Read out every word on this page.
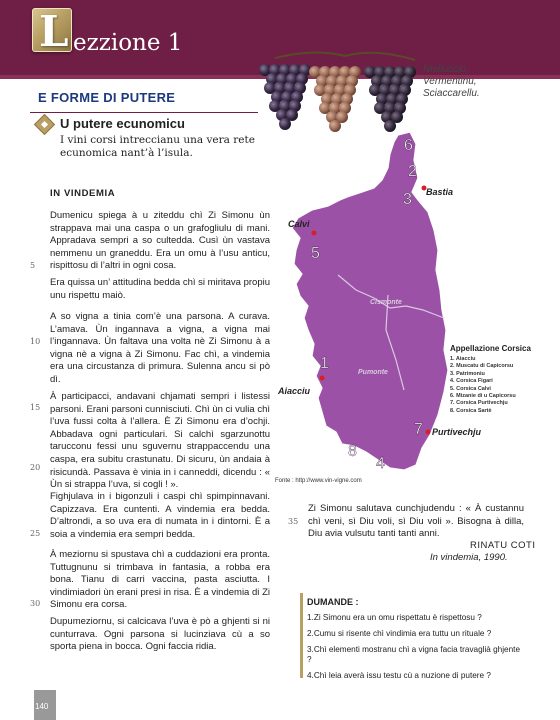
L ezzione 1
Niellucciu,
Vermentinu,
Sciaccarellu.
E FORME DI PUTERE
U putere ecunomicu
I vini corsi intreccianu una vera rete ecunomica nant’à l’isula.
IN VINDEMIA
Dumenicu spiega à u ziteddu chì Zi Simonu ùn strappava mai una caspa o un grafogliulu di mani. Appradava sempri a so cultedda. Cusì ùn vastava nemmenu un graneddu. Era un omu à l’usu anticu, rispittosu di l’altri in ogni cosa.
Era quissa un’ attitudina bedda chì si miritava propiu unu rispettu maiò.
A so vigna a tinia com’è una parsona. A curava. L’amava. Ùn ingannava a vigna, a vigna mai l’ingannava. Ùn faltava una volta nè Zi Simonu à a vigna nè a vigna à Zi Simonu. Fac chì, a vindemia era una circustanza di primura. Sulenna ancu si pò dì.
À participacci, andavani chjamati sempri i listessi parsoni. Erani parsoni cunnisciuti. Chì ùn ci vulia chì l’uva fussi colta à l’allera. È Zi Simonu era d’ochji. Abbadava ogni particulari. Si calchì sgarzunottu tarucconu fessi unu sguvernu strappaccendu una caspa, era subitu crastunatu. Di sicuru, ùn andaia à risicundà. Passava è vinia in i canneddi, dicendu : « Ùn si strappa l’uva, si cogli ! ».
Fighjulava in i bigonzuli i caspi chì spimpinnavani. Capizzava. Era cuntenti. A vindemia era bedda. D’altrondi, a so uva era di numata in i dintorni. È a soia a vindemia era sempri bedda.
À meziornu si spustava chì a cuddazioni era pronta. Tuttugnunu si trimbava in fantasia, a robba era bona. Tianu di carri vaccina, pasta asciutta. I vindimiadori ùn erani presi in risa. È a vindemia di Zi Simonu era corsa.
Dupumeziornu, si calcicava l’uva è pò a ghjenti si ni cunturrava. Ogni parsona si lucinziava cù a so sporta piena in bocca. Ogni faccia ridia.
5
10
15
20
25
30
35
6
2
3
5
1
7
8
4
Cismonte
Pumonte
Bastia
Calvi
Aiacciu
Purtivechju
Fonte : http://www.vin-vigne.com
Appellazione Corsica
1. Aiacciu
2. Muscatu di Capicorsu
3. Patrimoniu
4. Corsica Figari
5. Corsica Calvi
6. Mizanie di u Capicorsu
7. Corsica Purtivechju
8. Corsica Sartè
Zi Simonu salutava cunchjudendu : « À custannu chì veni, sì Diu voli, sì Diu voli ». Bisogna à dilla, Diu avia vulsutu tanti tanti anni.
RINATU COTI
In vindemia, 1990.
DUMANDE :
1.Zi Simonu era un omu rispettatu è rispettosu ?
2.Cumu si risente chì vindimia era tuttu un rituale ?
3.Chì elementi mostranu chì a vigna facia travaglià ghjente ?
4.Chì leia averà issu testu cù a nuzione di putere ?
140
